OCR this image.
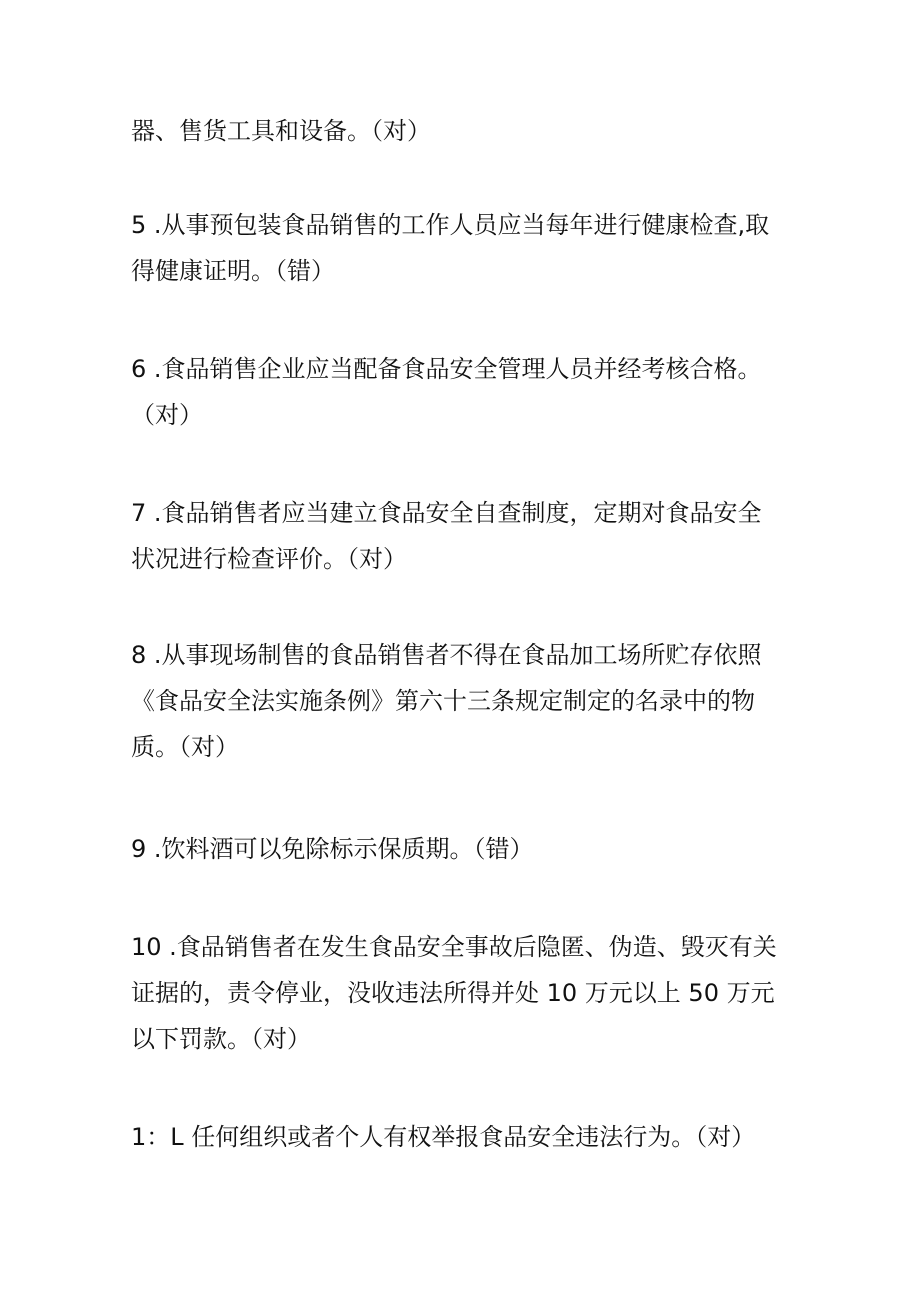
器、售货工具和设备。（对）
5 .从事预包装食品销售的工作人员应当每年进行健康检查,取
得健康证明。（错）
6 .食品销售企业应当配备食品安全管理人员并经考核合格。
（对）
7 .食品销售者应当建立食品安全自查制度，定期对食品安全
状况进行检查评价。（对）
8 .从事现场制售的食品销售者不得在食品加工场所贮存依照
《食品安全法实施条例》第六十三条规定制定的名录中的物
质。（对）
9 .饮料酒可以免除标示保质期。（错）
10 .食品销售者在发生食品安全事故后隐匿、伪造、毁灭有关
证据的，责令停业，没收违法所得并处 10 万元以上 50 万元
以下罚款。（对）
1：L 任何组织或者个人有权举报食品安全违法行为。（对）
